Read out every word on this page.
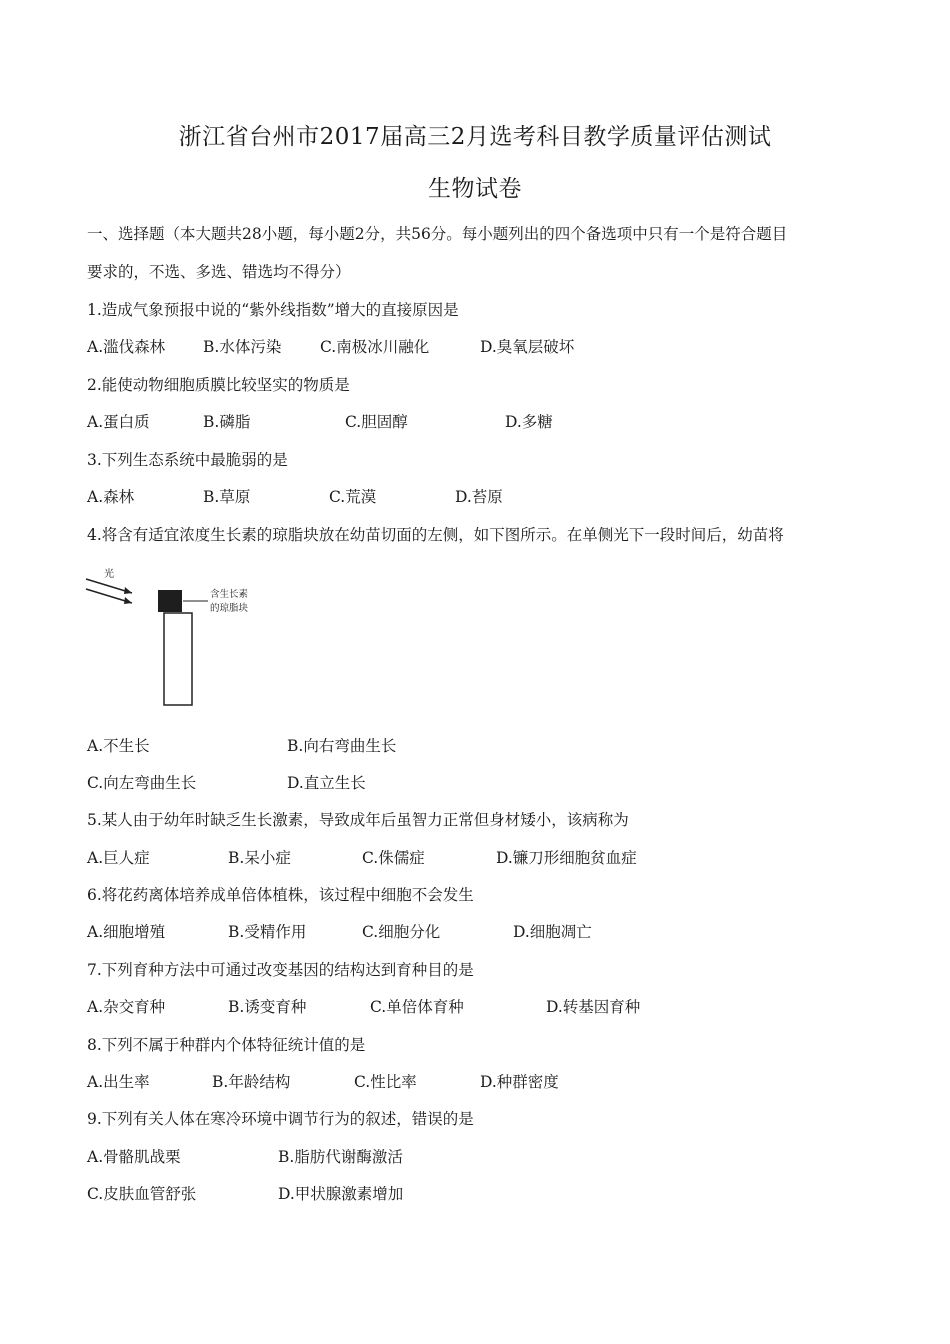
浙江省台州市2017届高三2月选考科目教学质量评估测试
生物试卷
一、选择题（本大题共28小题，每小题2分，共56分。每小题列出的四个备选项中只有一个是符合题目
要求的，不选、多选、错选均不得分）
1.造成气象预报中说的“紫外线指数”增大的直接原因是
A.滥伐森林 B.水体污染 C.南极冰川融化	D.臭氧层破坏
2.能使动物细胞质膜比较坚实的物质是
A.蛋白质	B.磷脂	C.胆固醇	D.多糖
3.下列生态系统中最脆弱的是
A.森林	B.草原	C.荒漠	D.苔原
4.将含有适宜浓度生长素的琼脂块放在幼苗切面的左侧，如下图所示。在单侧光下一段时间后，幼苗将
光
含生长素
的琼脂块
A.不生长	B.向右弯曲生长
C.向左弯曲生长	D.直立生长
5.某人由于幼年时缺乏生长激素，导致成年后虽智力正常但身材矮小，该病称为
A.巨人症	B.呆小症	C.侏儒症	D.镰刀形细胞贫血症
6.将花药离体培养成单倍体植株，该过程中细胞不会发生
A.细胞增殖	B.受精作用	C.细胞分化	D.细胞凋亡
7.下列育种方法中可通过改变基因的结构达到育种目的是
A.杂交育种	B.诱变育种	C.单倍体育种	D.转基因育种
8.下列不属于种群内个体特征统计值的是
A.出生率	B.年龄结构	C.性比率	D.种群密度
9.下列有关人体在寒冷环境中调节行为的叙述，错误的是
A.骨骼肌战栗	B.脂肪代谢酶激活
C.皮肤血管舒张	D.甲状腺激素增加
